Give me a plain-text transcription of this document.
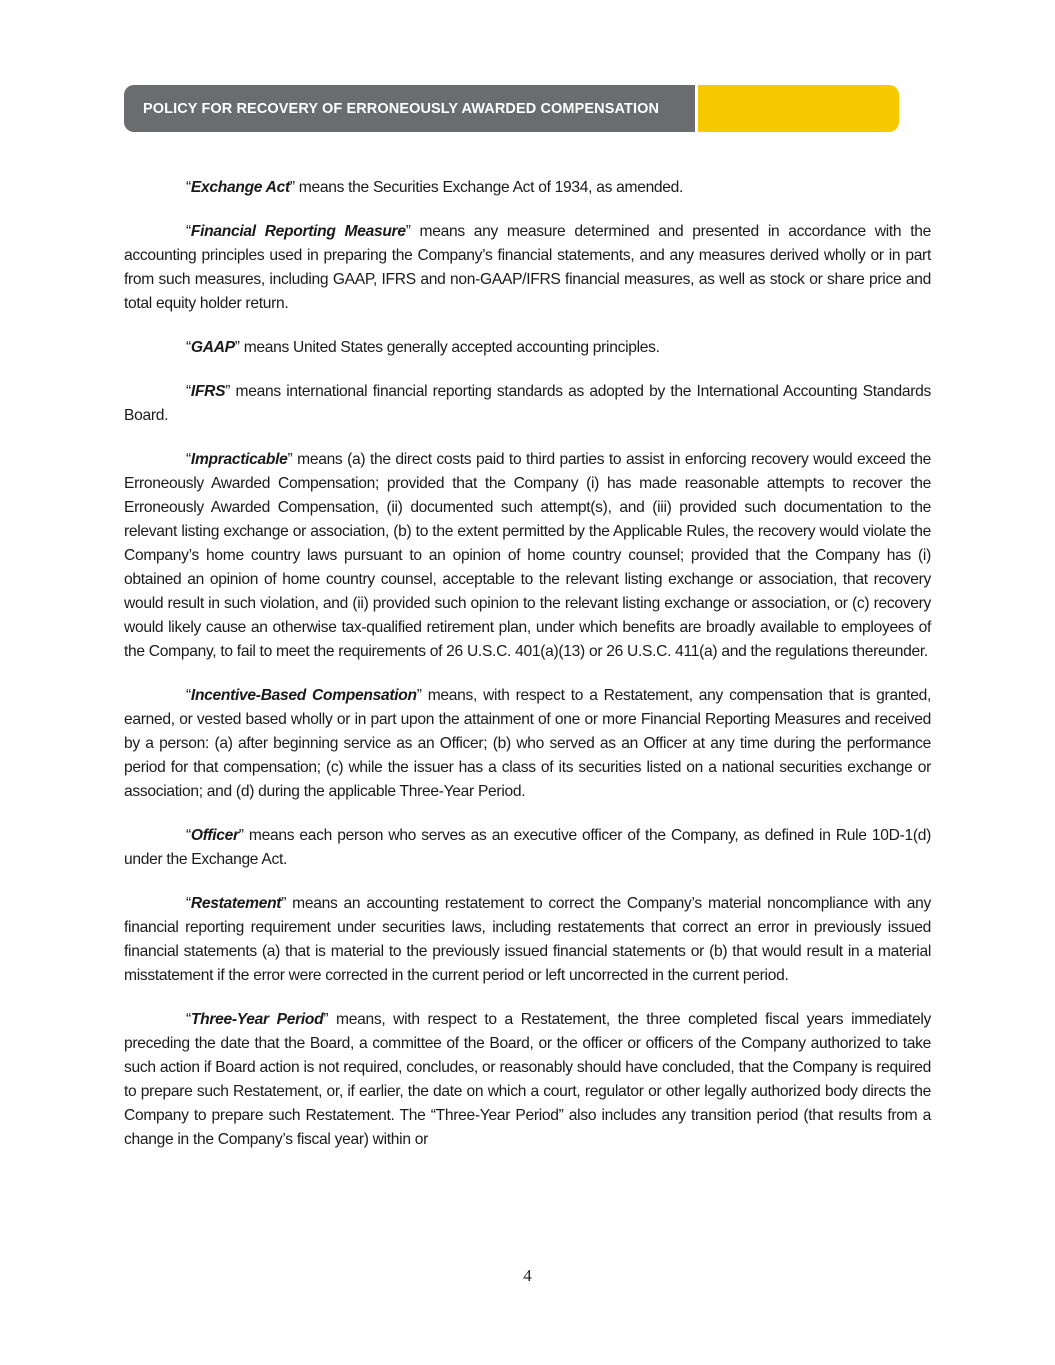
POLICY FOR RECOVERY OF ERRONEOUSLY AWARDED COMPENSATION

“Exchange Act” means the Securities Exchange Act of 1934, as amended.

“Financial Reporting Measure” means any measure determined and presented in accordance with the accounting principles used in preparing the Company’s financial statements, and any measures derived wholly or in part from such measures, including GAAP, IFRS and non-GAAP/IFRS financial measures, as well as stock or share price and total equity holder return.

“GAAP” means United States generally accepted accounting principles.

“IFRS” means international financial reporting standards as adopted by the International Accounting Standards Board.

“Impracticable” means (a) the direct costs paid to third parties to assist in enforcing recovery would exceed the Erroneously Awarded Compensation; provided that the Company (i) has made reasonable attempts to recover the Erroneously Awarded Compensation, (ii) documented such attempt(s), and (iii) provided such documentation to the relevant listing exchange or association, (b) to the extent permitted by the Applicable Rules, the recovery would violate the Company’s home country laws pursuant to an opinion of home country counsel; provided that the Company has (i) obtained an opinion of home country counsel, acceptable to the relevant listing exchange or association, that recovery would result in such violation, and (ii) provided such opinion to the relevant listing exchange or association, or (c) recovery would likely cause an otherwise tax-qualified retirement plan, under which benefits are broadly available to employees of the Company, to fail to meet the requirements of 26 U.S.C. 401(a)(13) or 26 U.S.C. 411(a) and the regulations thereunder.

“Incentive-Based Compensation” means, with respect to a Restatement, any compensation that is granted, earned, or vested based wholly or in part upon the attainment of one or more Financial Reporting Measures and received by a person: (a) after beginning service as an Officer; (b) who served as an Officer at any time during the performance period for that compensation; (c) while the issuer has a class of its securities listed on a national securities exchange or association; and (d) during the applicable Three-Year Period.

“Officer” means each person who serves as an executive officer of the Company, as defined in Rule 10D-1(d) under the Exchange Act.

“Restatement” means an accounting restatement to correct the Company’s material noncompliance with any financial reporting requirement under securities laws, including restatements that correct an error in previously issued financial statements (a) that is material to the previously issued financial statements or (b) that would result in a material misstatement if the error were corrected in the current period or left uncorrected in the current period.

“Three-Year Period” means, with respect to a Restatement, the three completed fiscal years immediately preceding the date that the Board, a committee of the Board, or the officer or officers of the Company authorized to take such action if Board action is not required, concludes, or reasonably should have concluded, that the Company is required to prepare such Restatement, or, if earlier, the date on which a court, regulator or other legally authorized body directs the Company to prepare such Restatement. The “Three-Year Period” also includes any transition period (that results from a change in the Company’s fiscal year) within or

4
